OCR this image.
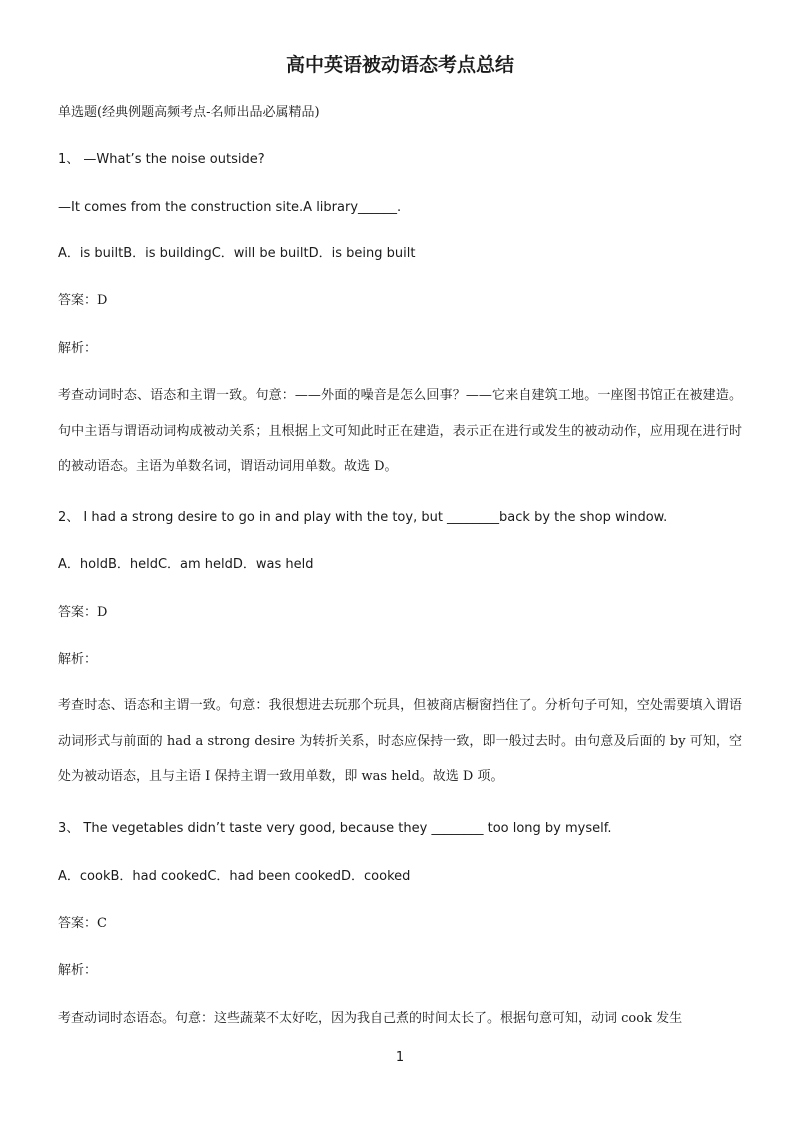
高中英语被动语态考点总结
单选题(经典例题高频考点-名师出品必属精品)
1、 —What’s the noise outside?
—It comes from the construction site.A library______.
A．is builtB．is buildingC．will be builtD．is being built
答案：D
解析：
考查动词时态、语态和主谓一致。句意：——外面的噪音是怎么回事？——它来自建筑工地。一座图书馆正在被建造。句中主语与谓语动词构成被动关系；且根据上文可知此时正在建造，表示正在进行或发生的被动动作，应用现在进行时的被动语态。主语为单数名词，谓语动词用单数。故选 D。
2、 I had a strong desire to go in and play with the toy, but ________back by the shop window.
A．holdB．heldC．am heldD．was held
答案：D
解析：
考查时态、语态和主谓一致。句意：我很想进去玩那个玩具，但被商店橱窗挡住了。分析句子可知，空处需要填入谓语动词形式与前面的 had a strong desire 为转折关系，时态应保持一致，即一般过去时。由句意及后面的 by 可知，空处为被动语态，且与主语 I 保持主谓一致用单数，即 was held。故选 D 项。
3、 The vegetables didn’t taste very good, because they ________ too long by myself.
A．cookB．had cookedC．had been cookedD．cooked
答案：C
解析：
考查动词时态语态。句意：这些蔬菜不太好吃，因为我自己煮的时间太长了。根据句意可知，动词 cook 发生
1
